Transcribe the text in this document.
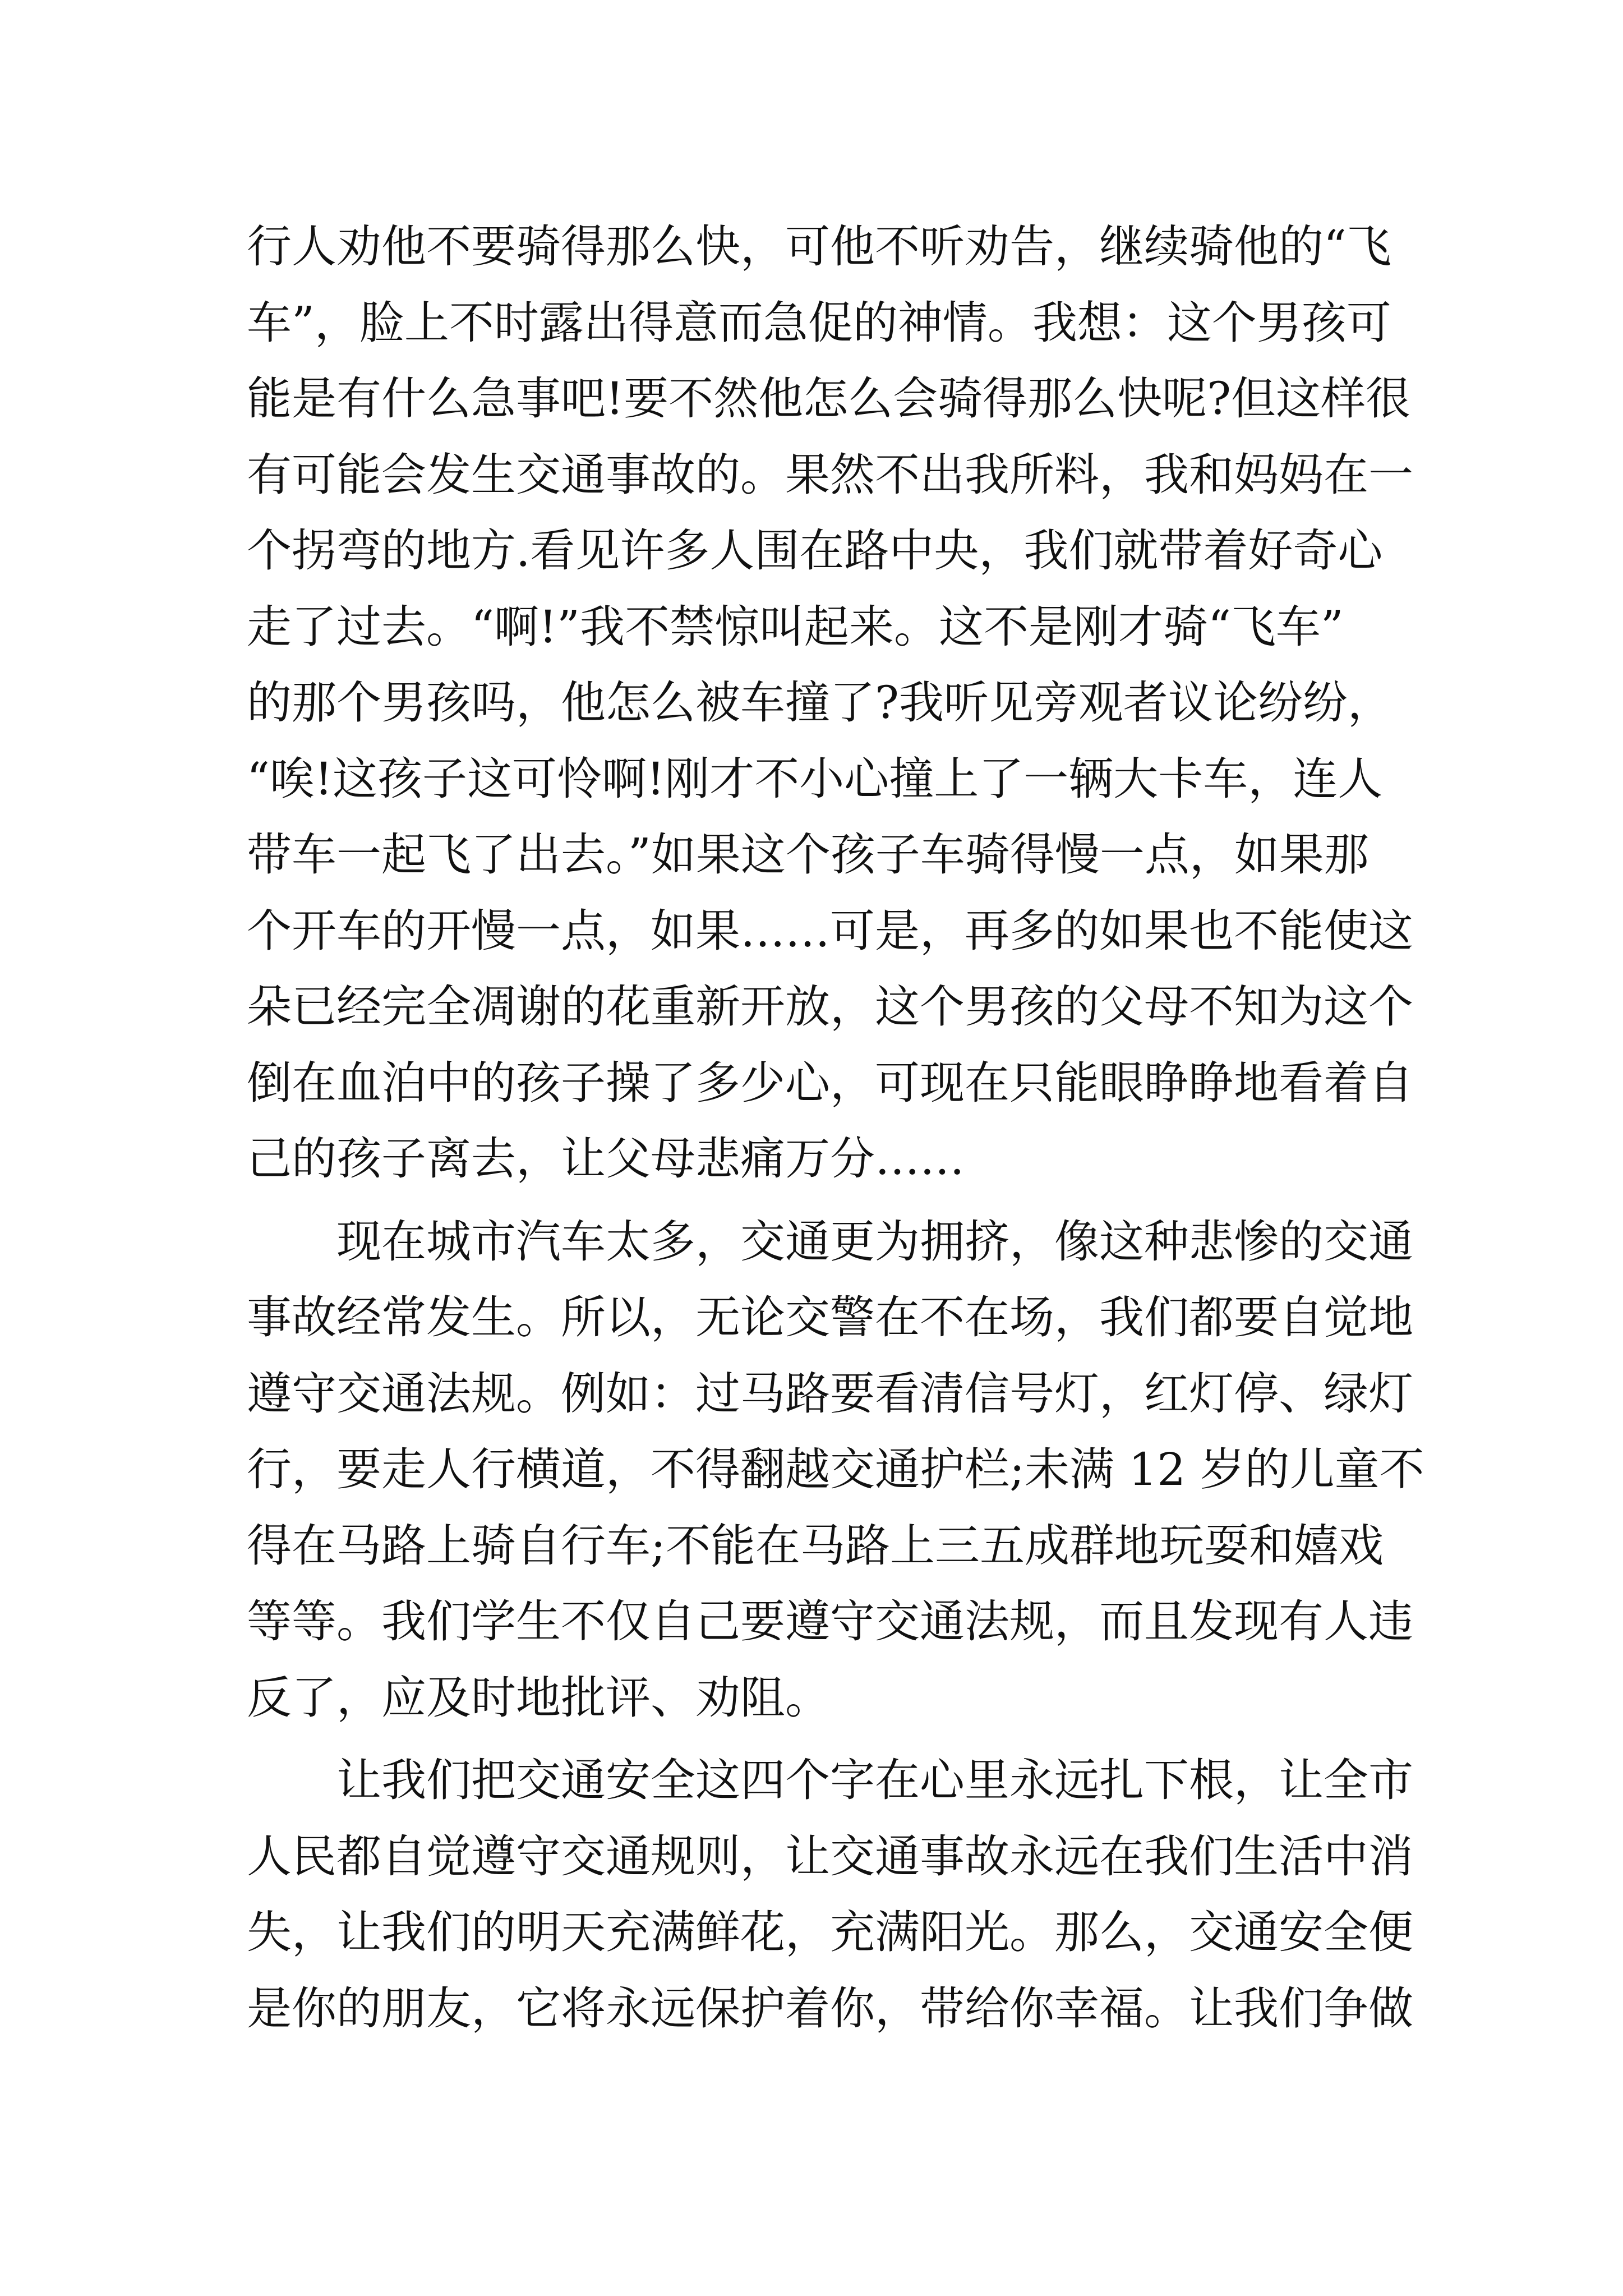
行人劝他不要骑得那么快，可他不听劝告，继续骑他的“飞
车”，脸上不时露出得意而急促的神情。我想：这个男孩可
能是有什么急事吧!要不然他怎么会骑得那么快呢?但这样很
有可能会发生交通事故的。果然不出我所料，我和妈妈在一
个拐弯的地方.看见许多人围在路中央，我们就带着好奇心
走了过去。“啊!”我不禁惊叫起来。这不是刚才骑“飞车”
的那个男孩吗，他怎么被车撞了?我听见旁观者议论纷纷，
“唉!这孩子这可怜啊!刚才不小心撞上了一辆大卡车，连人
带车一起飞了出去。”如果这个孩子车骑得慢一点，如果那
个开车的开慢一点，如果……可是，再多的如果也不能使这
朵已经完全凋谢的花重新开放，这个男孩的父母不知为这个
倒在血泊中的孩子操了多少心，可现在只能眼睁睁地看着自
己的孩子离去，让父母悲痛万分……
现在城市汽车太多，交通更为拥挤，像这种悲惨的交通
事故经常发生。所以，无论交警在不在场，我们都要自觉地
遵守交通法规。例如：过马路要看清信号灯，红灯停、绿灯
行，要走人行横道，不得翻越交通护栏;未满 12 岁的儿童不
得在马路上骑自行车;不能在马路上三五成群地玩耍和嬉戏
等等。我们学生不仅自己要遵守交通法规，而且发现有人违
反了，应及时地批评、劝阻。
让我们把交通安全这四个字在心里永远扎下根，让全市
人民都自觉遵守交通规则，让交通事故永远在我们生活中消
失，让我们的明天充满鲜花，充满阳光。那么，交通安全便
是你的朋友，它将永远保护着你，带给你幸福。让我们争做
